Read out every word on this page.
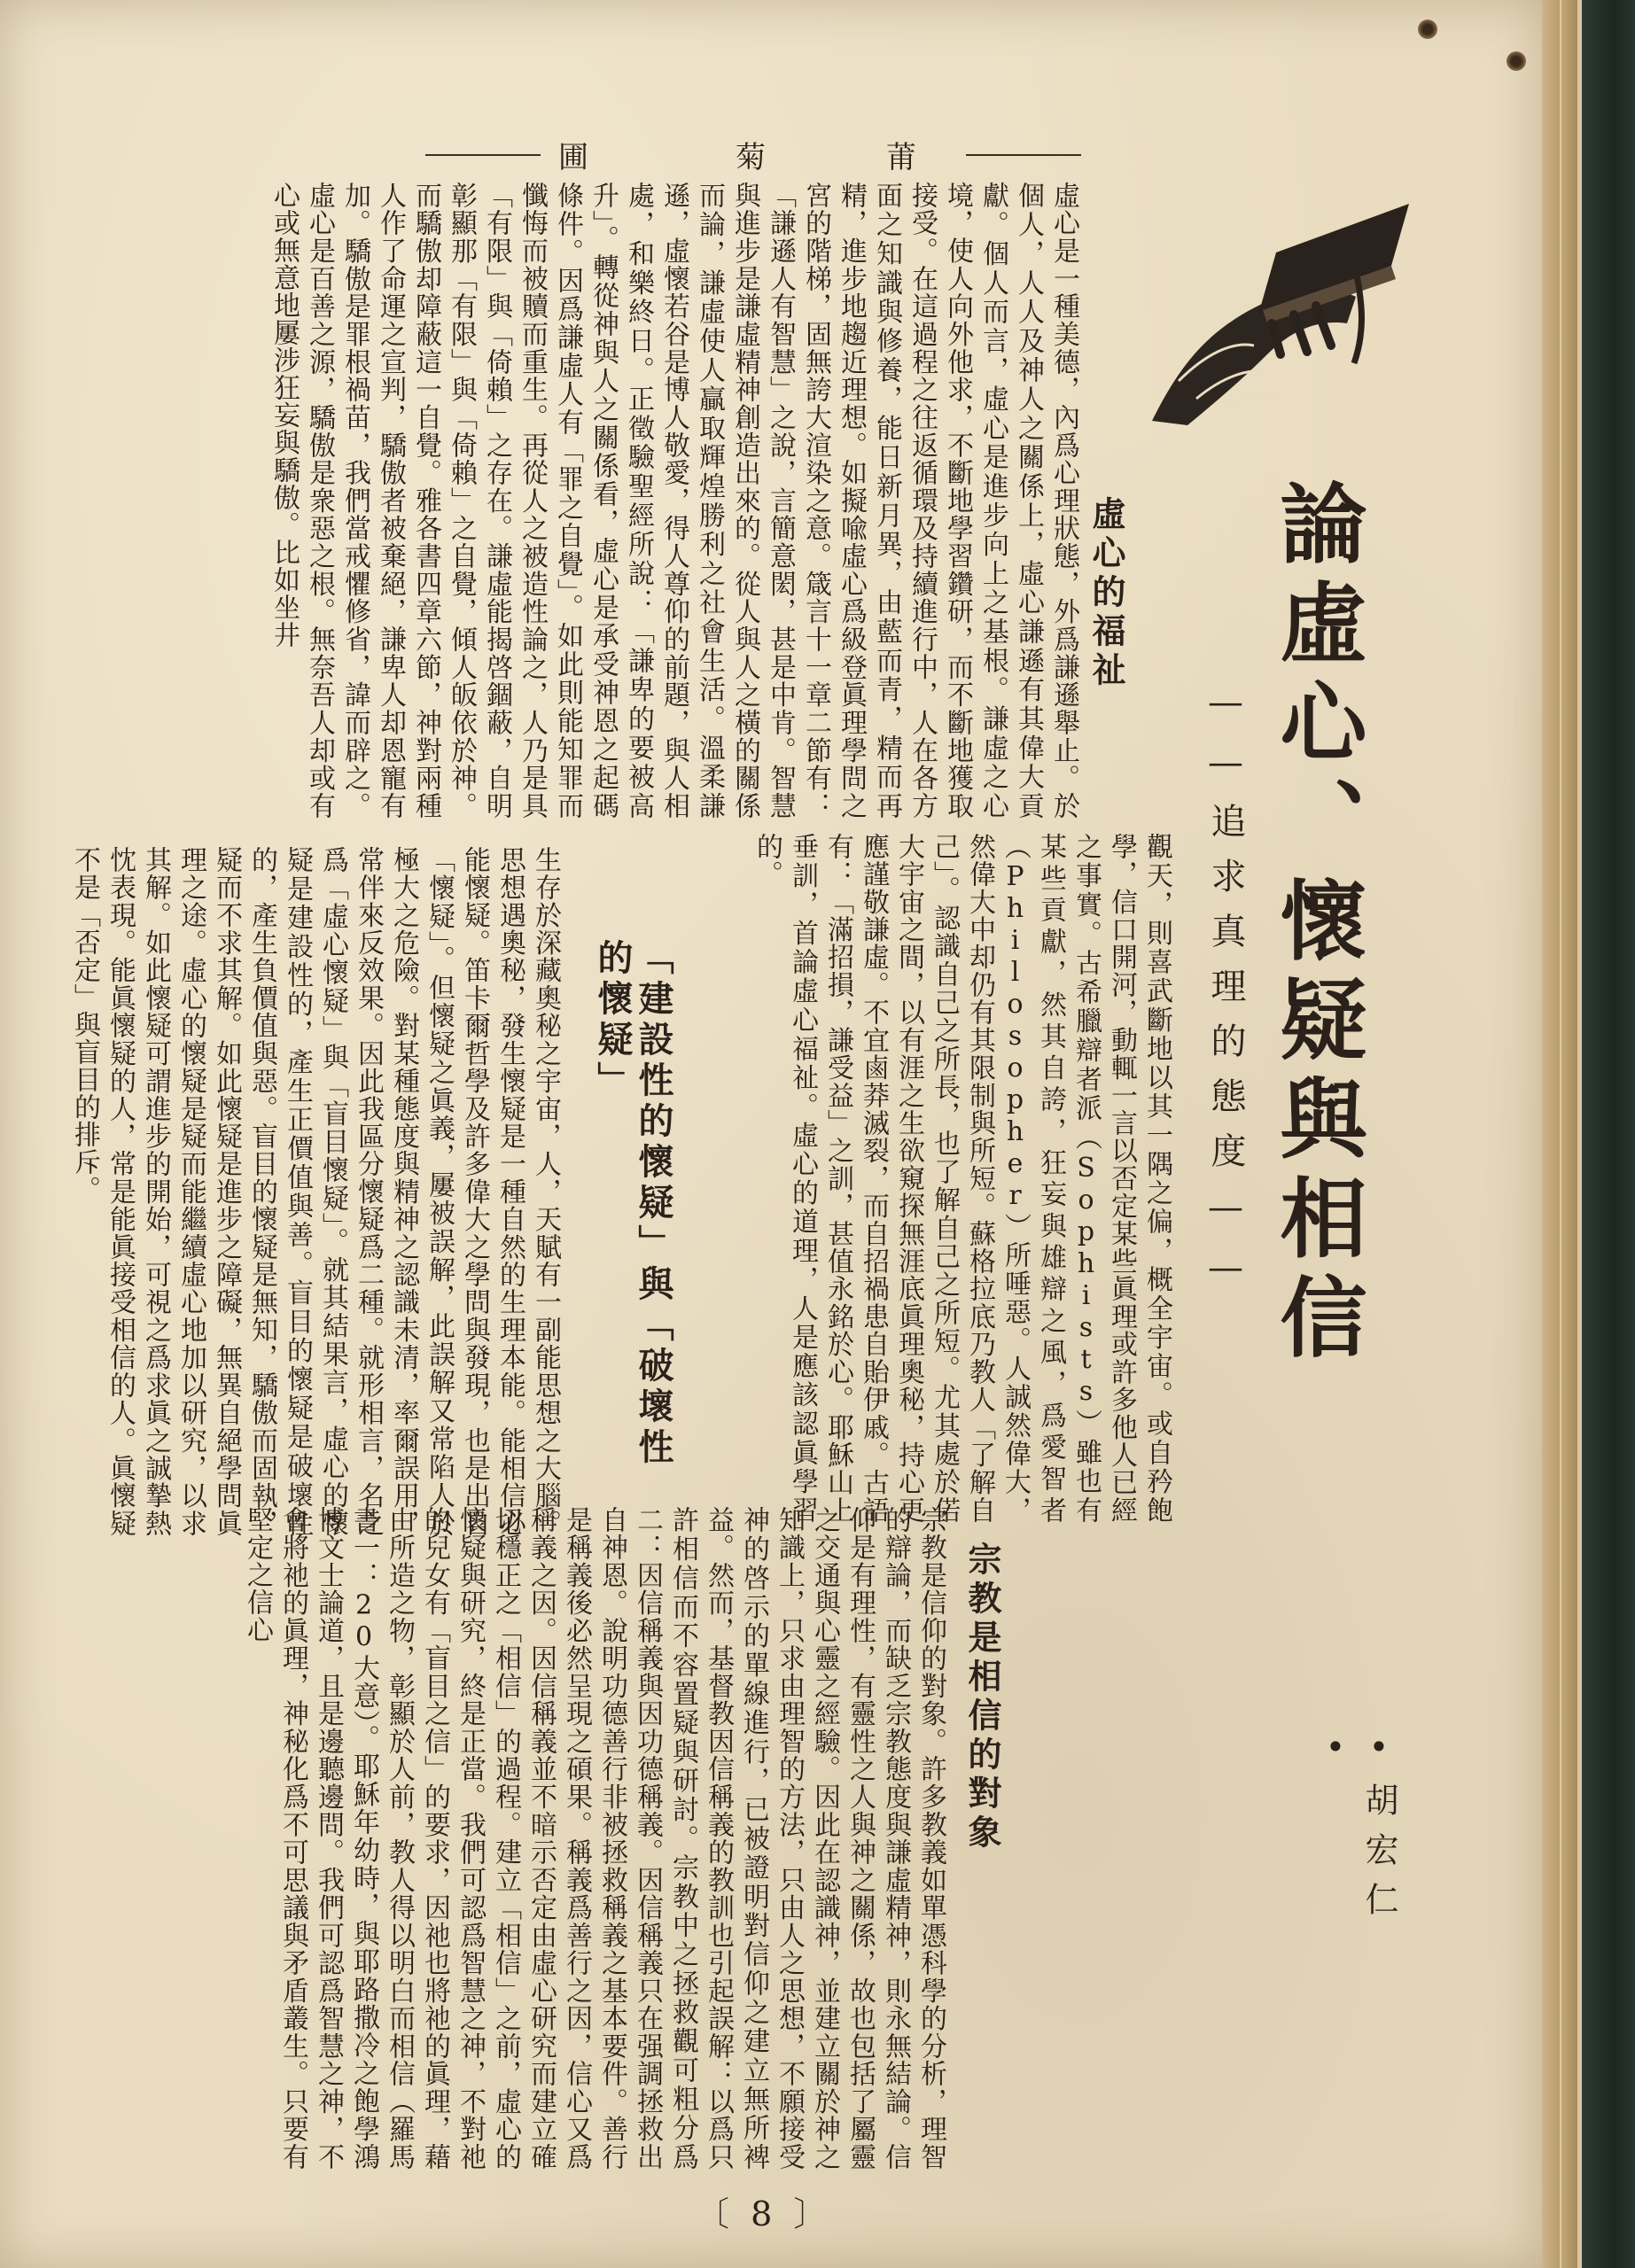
圃	菊	莆
論虛心、懷疑與相信
——追求真理的態度——
•胡宏仁•
虛心的福祉
虛心是一種美德，內爲心理狀態，外爲謙遜舉止。於個人，人人及神人之關係上，虛心謙遜有其偉大貢獻。個人而言，虛心是進步向上之基根。謙虛之心境，使人向外他求，不斷地學習鑽研，而不斷地獲取接受。在這過程之往返循環及持續進行中，人在各方面之知識與修養，能日新月異，由藍而青，精而再精，進步地趨近理想。如擬喩虛心爲級登眞理學問之宮的階梯，固無誇大渲染之意。箴言十一章二節有：「謙遜人有智慧」之說，言簡意閎，甚是中肯。智慧與進步是謙虛精神創造出來的。從人與人之橫的關係而論，謙虛使人贏取輝煌勝利之社會生活。溫柔謙遜，虛懷若谷是博人敬愛，得人尊仰的前題，與人相處，和樂終日。正徵驗聖經所說：「謙卑的要被高升」。轉從神與人之關係看，虛心是承受神恩之起碼條件。因爲謙虛人有「罪之自覺」。如此則能知罪而懺悔而被贖而重生。再從人之被造性論之，人乃是具「有限」與「倚賴」之存在。謙虛能揭啓錮蔽，自明彰顯那「有限」與「倚賴」之自覺，傾人皈依於神。而驕傲却障蔽這一自覺。雅各書四章六節，神對兩種人作了命運之宣判，驕傲者被棄絕，謙卑人却恩寵有加。驕傲是罪根禍苗，我們當戒懼修省，諱而辟之。虛心是百善之源，驕傲是衆惡之根。無奈吾人却或有心或無意地屢涉狂妄與驕傲。比如坐井
觀天，則喜武斷地以其一隅之偏，概全宇宙。或自矜飽學，信口開河，動輒一言以否定某些眞理或許多他人已經之事實。古希臘辯者派（Sophists）雖也有某些貢獻，然其自誇，狂妄與雄辯之風，爲愛智者（Philosopher）所唾惡。人誠然偉大，然偉大中却仍有其限制與所短。蘇格拉底乃教人「了解自己」。認識自己之所長，也了解自己之所短。尤其處於偌大宇宙之間，以有涯之生欲窺探無涯底眞理奧秘，持心更應謹敬謙虛。不宜鹵莽滅裂，而自招禍患自貽伊戚。古語有：「滿招損，謙受益」之訓，甚值永銘於心。耶穌山上垂訓，首論虛心福祉。虛心的道理，人是應該認眞學習的。
「建設性的懷疑」與「破壞性的懷疑」
生存於深藏奧秘之宇宙，人，天賦有一副能思想之大腦。思想遇奧秘，發生懷疑是一種自然的生理本能。能相信必能懷疑。笛卡爾哲學及許多偉大之學問與發現，也是出自「懷疑」。但懷疑之眞義，屢被誤解，此誤解又常陷人於極大之危險。對某種態度與精神之認識未清，率爾誤用，常伴來反效果。因此我區分懷疑爲二種。就形相言，名之爲「虛心懷疑」與「盲目懷疑」。就其結果言，虛心的懷疑是建設性的，產生正價值與善。盲目的懷疑是破壞性的，產生負價值與惡。盲目的懷疑是無知，驕傲而固執，疑而不求其解。如此懷疑是進步之障礙，無異自絕學問眞理之途。虛心的懷疑是疑而能繼續虛心地加以研究，以求其解。如此懷疑可謂進步的開始，可視之爲求眞之誠摯熱忱表現。能眞懷疑的人，常是能眞接受相信的人。眞懷疑不是「否定」與盲目的排斥。
宗教是相信的對象
宗教是信仰的對象。許多教義如單憑科學的分析，理智的辯論，而缺乏宗教態度與謙虛精神，則永無結論。信仰是有理性，有靈性之人與神之關係，故也包括了屬靈之交通與心靈之經驗。因此在認識神，並建立關於神之知識上，只求由理智的方法，只由人之思想，不願接受神的啓示的單線進行，已被證明對信仰之建立無所裨益。然而，基督教因信稱義的教訓也引起誤解：以爲只許相信而不容置疑與研討。宗教中之拯救觀可粗分爲二：因信稱義與因功德稱義。因信稱義只在强調拯救出自神恩。說明功德善行非被拯救稱義之基本要件。善行是稱義後必然呈現之碩果。稱義爲善行之因，信心又爲稱義之因。因信稱義並不暗示否定由虛心研究而建立確切穩正之「相信」的過程。建立「相信」之前，虛心的懷疑與研究，終是正當。我們可認爲智慧之神，不對祂的兒女有「盲目之信」的要求，因祂也將祂的眞理，藉由所造之物，彰顯於人前，教人得以明白而相信（羅馬書一：20大意）。耶穌年幼時，與耶路撒冷之飽學鴻博文士論道，且是邊聽邊問。我們可認爲智慧之神，不會將祂的眞理，神秘化爲不可思議與矛盾叢生。只要有堅定之信心
〔 8 〕
